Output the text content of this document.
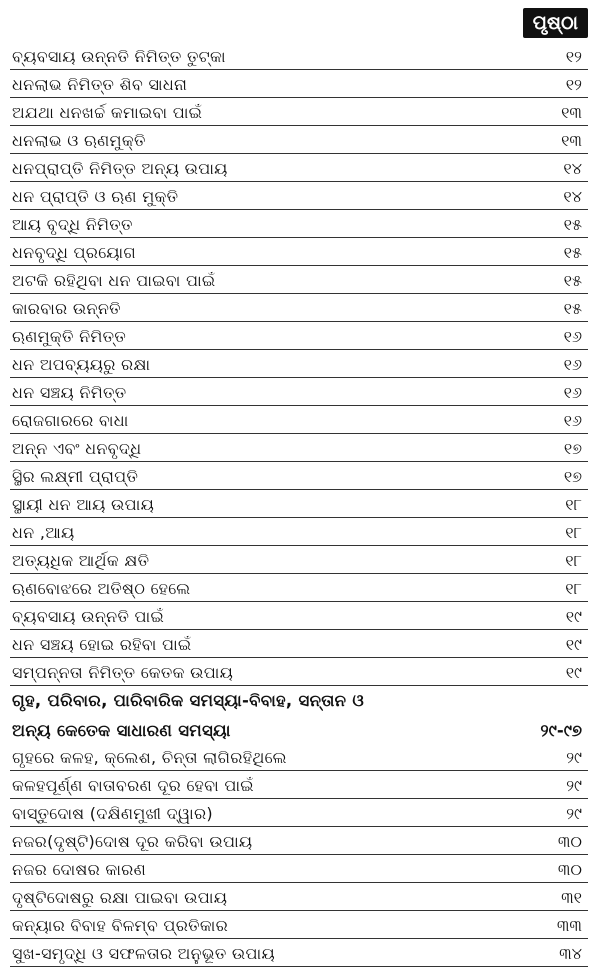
ପୃଷ୍ଠା
ବ୍ୟବସାୟ ଉନ୍ନତି ନିମିତ୍ତ ତୁଟ୍‌କା	୧୨
ଧନଲାଭ ନିମିତ୍ତ ଶିବ ସାଧନା	୧୨
ଅଯଥା ଧନଖର୍ଚ୍ଚ କମାଇବା ପାଇଁ	୧୩
ଧନଲାଭ ଓ ଋଣମୁକ୍ତି	୧୩
ଧନପ୍ରାପ୍ତି ନିମିତ୍ତ ଅନ୍ୟ ଉପାୟ	୧୪
ଧନ ପ୍ରାପ୍ତି ଓ ଋଣ ମୁକ୍ତି	୧୪
ଆୟ ବୃଦ୍ଧି ନିମିତ୍ତ	୧୫
ଧନବୃଦ୍ଧି ପ୍ରୟୋଗ	୧୫
ଅଟକି ରହିଥିବା ଧନ ପାଇବା ପାଇଁ	୧୫
କାରବାର ଉନ୍ନତି	୧୫
ଋଣମୁକ୍ତି ନିମିତ୍ତ	୧୬
ଧନ ଅପବ୍ୟୟରୁ ରକ୍ଷା	୧୬
ଧନ ସଞ୍ଚୟ ନିମିତ୍ତ	୧୬
ରୋଜଗାରରେ ବାଧା	୧୬
ଅନ୍ନ ଏବଂ ଧନବୃଦ୍ଧି	୧୭
ସ୍ଥିର ଲକ୍ଷ୍ମୀ ପ୍ରାପ୍ତି	୧୭
ସ୍ଥାୟୀ ଧନ ଆୟ ଉପାୟ	୧୮
ଧନ ,ଆୟ	୧୮
ଅତ୍ୟଧିକ ଆର୍ଥିକ କ୍ଷତି	୧୮
ଋଣବୋଝରେ ଅତିଷ୍ଠ ହେଲେ	୧୮
ବ୍ୟବସାୟ ଉନ୍ନତି ପାଇଁ	୧୯
ଧନ ସଞ୍ଚୟ ହୋଇ ରହିବା ପାଇଁ	୧୯
ସମ୍ପନ୍ନତା ନିମିତ୍ତ କେତକ ଉପାୟ	୧୯
ଗୃହ, ପରିବାର, ପାରିବାରିକ ସମସ୍ୟା-ବିବାହ, ସନ୍ତାନ ଓ
ଅନ୍ୟ କେତେକ ସାଧାରଣ ସମସ୍ୟା	୨୯-୯୭
ଗୃହରେ କଳହ, କ୍ଲେଶ, ଚିନ୍ତା ଲାଗିରହିଥିଲେ	୨୯
କଳହପୂର୍ଣ୍ଣ ବାତାବରଣ ଦୂର ହେବା ପାଇଁ	୨୯
ବାସ୍ତୁଦୋଷ (ଦକ୍ଷିଣମୁଖୀ ଦ୍ୱାର)	୨୯
ନଜର(ଦୃଷ୍ଟି)ଦୋଷ ଦୂର କରିବା ଉପାୟ	୩୦
ନଜର ଦୋଷର କାରଣ	୩୦
ଦୃଷ୍ଟିଦୋଷରୁ ରକ୍ଷା ପାଇବା ଉପାୟ	୩୧
କନ୍ୟାର ବିବାହ ବିଳମ୍ବ ପ୍ରତିକାର	୩୩
ସୁଖ-ସମୃଦ୍ଧି ଓ ସଫଳତାର ଅନୁଭୂତ ଉପାୟ	୩୪
